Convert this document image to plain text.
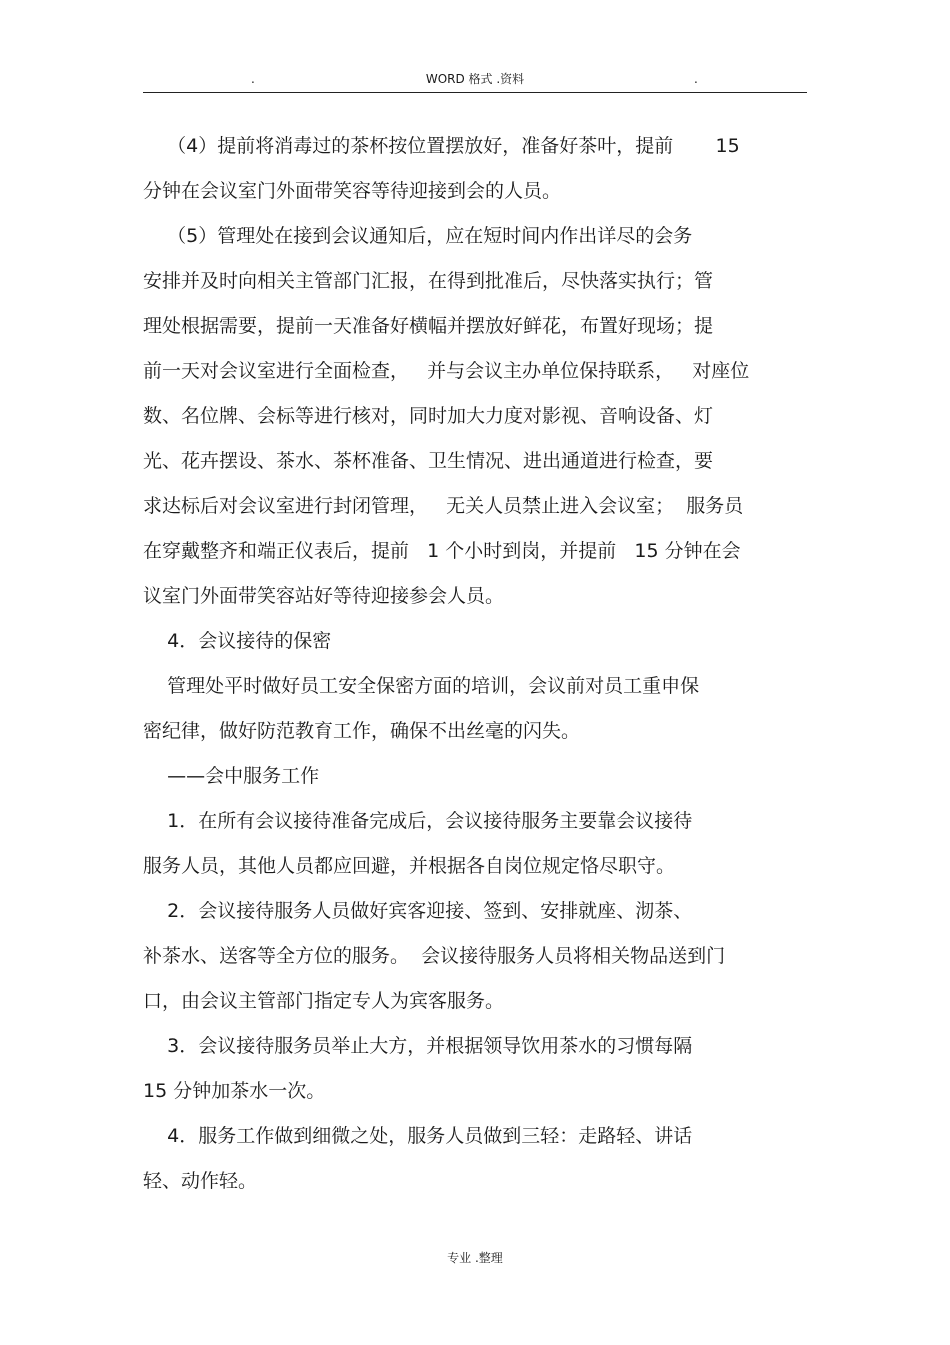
.	WORD 格式 .资料	.
（4）提前将消毒过的茶杯按位置摆放好，准备好茶叶，提前       15
分钟在会议室门外面带笑容等待迎接到会的人员。
（5）管理处在接到会议通知后，应在短时间内作出详尽的会务
安排并及时向相关主管部门汇报，在得到批准后，尽快落实执行；管
理处根据需要，提前一天准备好横幅并摆放好鲜花，布置好现场；提
前一天对会议室进行全面检查，   并与会议主办单位保持联系，   对座位
数、名位牌、会标等进行核对，同时加大力度对影视、音响设备、灯
光、花卉摆设、茶水、茶杯准备、卫生情况、进出通道进行检查，要
求达标后对会议室进行封闭管理，   无关人员禁止进入会议室；  服务员
在穿戴整齐和端正仪表后，提前   1 个小时到岗，并提前   15 分钟在会
议室门外面带笑容站好等待迎接参会人员。
4．会议接待的保密
管理处平时做好员工安全保密方面的培训，会议前对员工重申保
密纪律，做好防范教育工作，确保不出丝毫的闪失。
——会中服务工作
1．在所有会议接待准备完成后，会议接待服务主要靠会议接待
服务人员，其他人员都应回避，并根据各自岗位规定恪尽职守。
2．会议接待服务人员做好宾客迎接、签到、安排就座、沏茶、
补茶水、送客等全方位的服务。  会议接待服务人员将相关物品送到门
口，由会议主管部门指定专人为宾客服务。
3．会议接待服务员举止大方，并根据领导饮用茶水的习惯每隔
15 分钟加茶水一次。
4．服务工作做到细微之处，服务人员做到三轻：走路轻、讲话
轻、动作轻。
专业 .整理
